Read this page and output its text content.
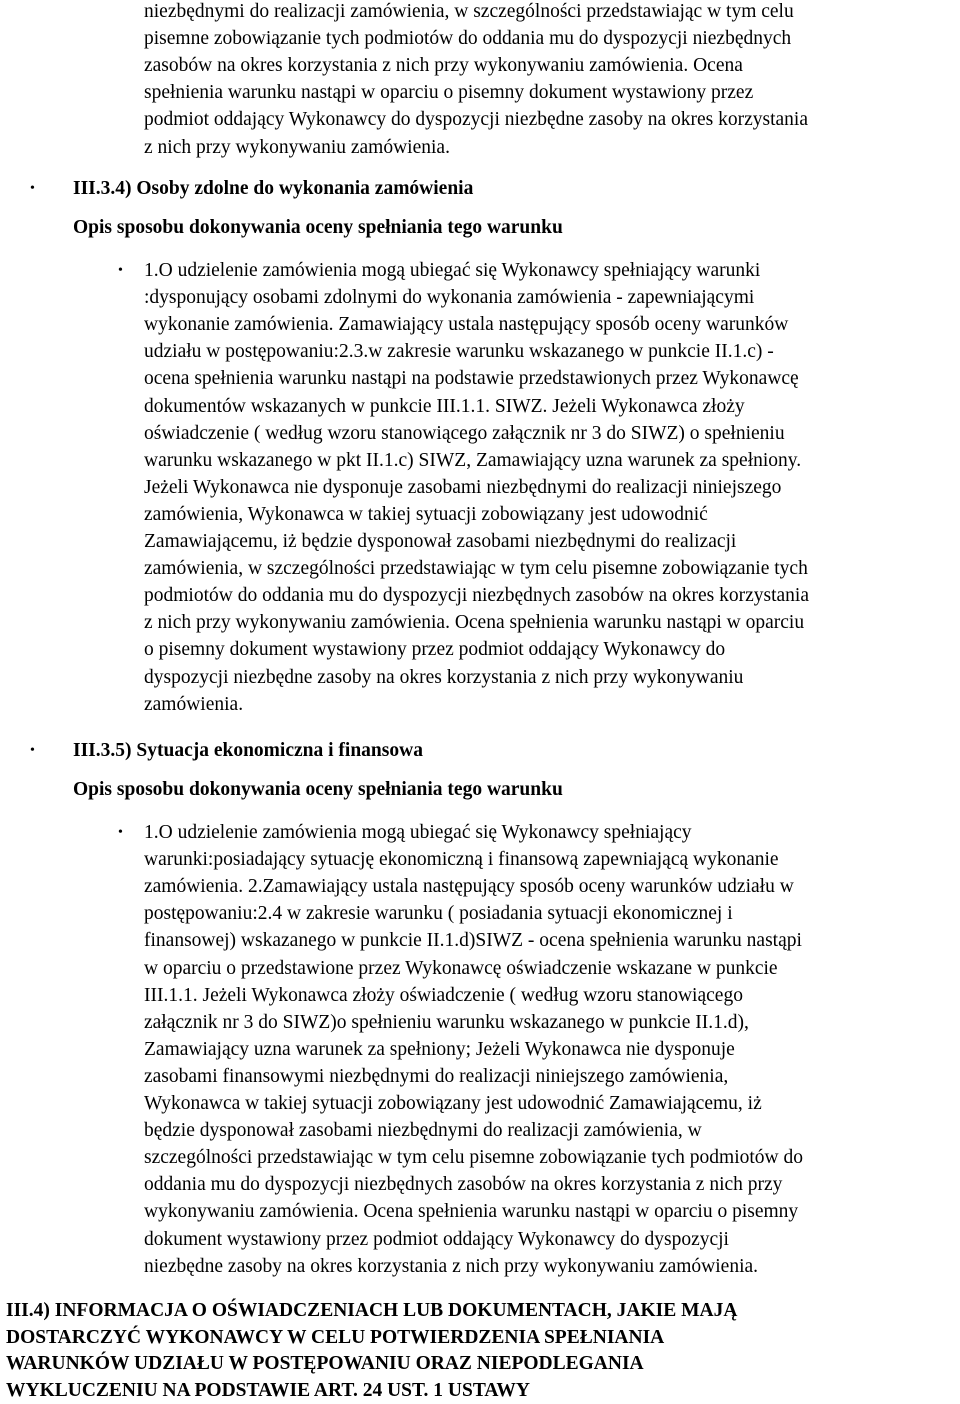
niezbędnymi do realizacji zamówienia, w szczególności przedstawiając w tym celu
pisemne zobowiązanie tych podmiotów do oddania mu do dyspozycji niezbędnych
zasobów na okres korzystania z nich przy wykonywaniu zamówienia. Ocena
spełnienia warunku nastąpi w oparciu o pisemny dokument wystawiony przez
podmiot oddający Wykonawcy do dyspozycji niezbędne zasoby na okres korzystania
z nich przy wykonywaniu zamówienia.
• III.3.4) Osoby zdolne do wykonania zamówienia
Opis sposobu dokonywania oceny spełniania tego warunku
• 1.O udzielenie zamówienia mogą ubiegać się Wykonawcy spełniający warunki
:dysponujący osobami zdolnymi do wykonania zamówienia - zapewniającymi
wykonanie zamówienia. Zamawiający ustala następujący sposób oceny warunków
udziału w postępowaniu:2.3.w zakresie warunku wskazanego w punkcie II.1.c) -
ocena spełnienia warunku nastąpi na podstawie przedstawionych przez Wykonawcę
dokumentów wskazanych w punkcie III.1.1. SIWZ. Jeżeli Wykonawca złoży
oświadczenie ( według wzoru stanowiącego załącznik nr 3 do SIWZ) o spełnieniu
warunku wskazanego w pkt II.1.c) SIWZ, Zamawiający uzna warunek za spełniony.
Jeżeli Wykonawca nie dysponuje zasobami niezbędnymi do realizacji niniejszego
zamówienia, Wykonawca w takiej sytuacji zobowiązany jest udowodnić
Zamawiającemu, iż będzie dysponował zasobami niezbędnymi do realizacji
zamówienia, w szczególności przedstawiając w tym celu pisemne zobowiązanie tych
podmiotów do oddania mu do dyspozycji niezbędnych zasobów na okres korzystania
z nich przy wykonywaniu zamówienia. Ocena spełnienia warunku nastąpi w oparciu
o pisemny dokument wystawiony przez podmiot oddający Wykonawcy do
dyspozycji niezbędne zasoby na okres korzystania z nich przy wykonywaniu
zamówienia.
• III.3.5) Sytuacja ekonomiczna i finansowa
Opis sposobu dokonywania oceny spełniania tego warunku
• 1.O udzielenie zamówienia mogą ubiegać się Wykonawcy spełniający
warunki:posiadający sytuację ekonomiczną i finansową zapewniającą wykonanie
zamówienia. 2.Zamawiający ustala następujący sposób oceny warunków udziału w
postępowaniu:2.4 w zakresie warunku ( posiadania sytuacji ekonomicznej i
finansowej) wskazanego w punkcie II.1.d)SIWZ - ocena spełnienia warunku nastąpi
w oparciu o przedstawione przez Wykonawcę oświadczenie wskazane w punkcie
III.1.1. Jeżeli Wykonawca złoży oświadczenie ( według wzoru stanowiącego
załącznik nr 3 do SIWZ)o spełnieniu warunku wskazanego w punkcie II.1.d),
Zamawiający uzna warunek za spełniony; Jeżeli Wykonawca nie dysponuje
zasobami finansowymi niezbędnymi do realizacji niniejszego zamówienia,
Wykonawca w takiej sytuacji zobowiązany jest udowodnić Zamawiającemu, iż
będzie dysponował zasobami niezbędnymi do realizacji zamówienia, w
szczególności przedstawiając w tym celu pisemne zobowiązanie tych podmiotów do
oddania mu do dyspozycji niezbędnych zasobów na okres korzystania z nich przy
wykonywaniu zamówienia. Ocena spełnienia warunku nastąpi w oparciu o pisemny
dokument wystawiony przez podmiot oddający Wykonawcy do dyspozycji
niezbędne zasoby na okres korzystania z nich przy wykonywaniu zamówienia.
III.4) INFORMACJA O OŚWIADCZENIACH LUB DOKUMENTACH, JAKIE MAJĄ
DOSTARCZYĆ WYKONAWCY W CELU POTWIERDZENIA SPEŁNIANIA
WARUNKÓW UDZIAŁU W POSTĘPOWANIU ORAZ NIEPODLEGANIA
WYKLUCZENIU NA PODSTAWIE ART. 24 UST. 1 USTAWY
